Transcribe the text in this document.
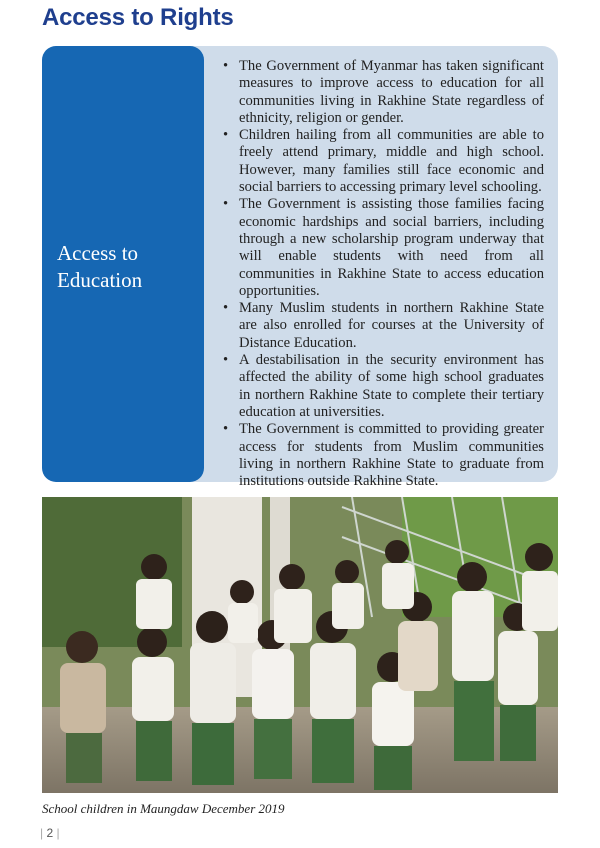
Access to Rights
Access to
Education
• The Government of Myanmar has taken significant measures to improve access to education for all communities living in Rakhine State regardless of ethnicity, religion or gender.
• Children hailing from all communities are able to freely attend primary, middle and high school. However, many families still face economic and social barriers to accessing primary level schooling.
• The Government is assisting those families facing economic hardships and social barriers, including through a new scholarship program underway that will enable students with need from all communities in Rakhine State to access education opportunities.
• Many Muslim students in northern Rakhine State are also enrolled for courses at the University of Distance Education.
• A destabilisation in the security environment has affected the ability of some high school graduates in northern Rakhine State to complete their tertiary education at universities.
• The Government is committed to providing greater access for students from Muslim communities living in northern Rakhine State to graduate from institutions outside Rakhine State.
School children in Maungdaw December 2019
| 2 |
